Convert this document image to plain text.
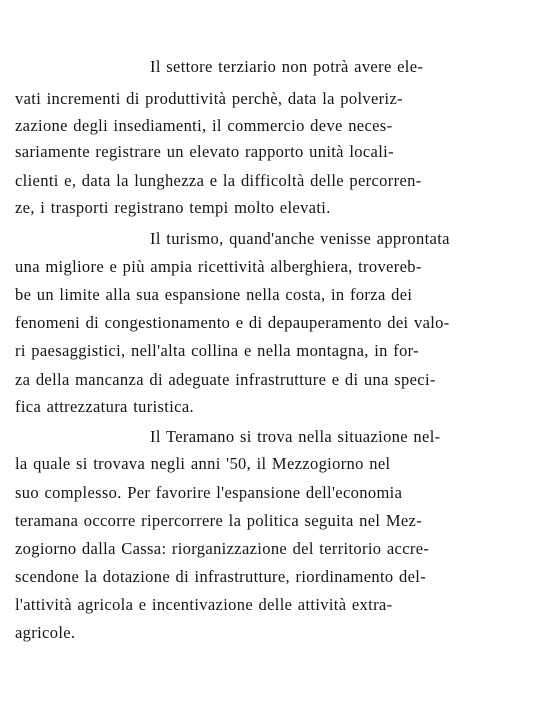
Il settore terziario non potrà avere ele-
vati incrementi di produttività perchè, data la polveriz-
zazione degli insediamenti, il commercio deve neces-
sariamente registrare un elevato rapporto unità locali-
clienti e, data la lunghezza e la difficoltà delle percorren-
ze, i trasporti registrano tempi molto elevati.
Il turismo, quand'anche venisse approntata
una migliore e più ampia ricettività alberghiera, trovereb-
be un limite alla sua espansione nella costa, in forza dei
fenomeni di congestionamento e di depauperamento dei valo-
ri paesaggistici, nell'alta collina e nella montagna, in for-
za della mancanza di adeguate infrastrutture e di una speci-
fica attrezzatura turistica.
Il Teramano si trova nella situazione nel-
la quale si trovava negli anni '50, il Mezzogiorno nel
suo complesso. Per favorire l'espansione dell'economia
teramana occorre ripercorrere la politica seguita nel Mez-
zogiorno dalla Cassa: riorganizzazione del territorio accre-
scendone la dotazione di infrastrutture, riordinamento del-
l'attività agricola e incentivazione delle attività extra-
agricole.
